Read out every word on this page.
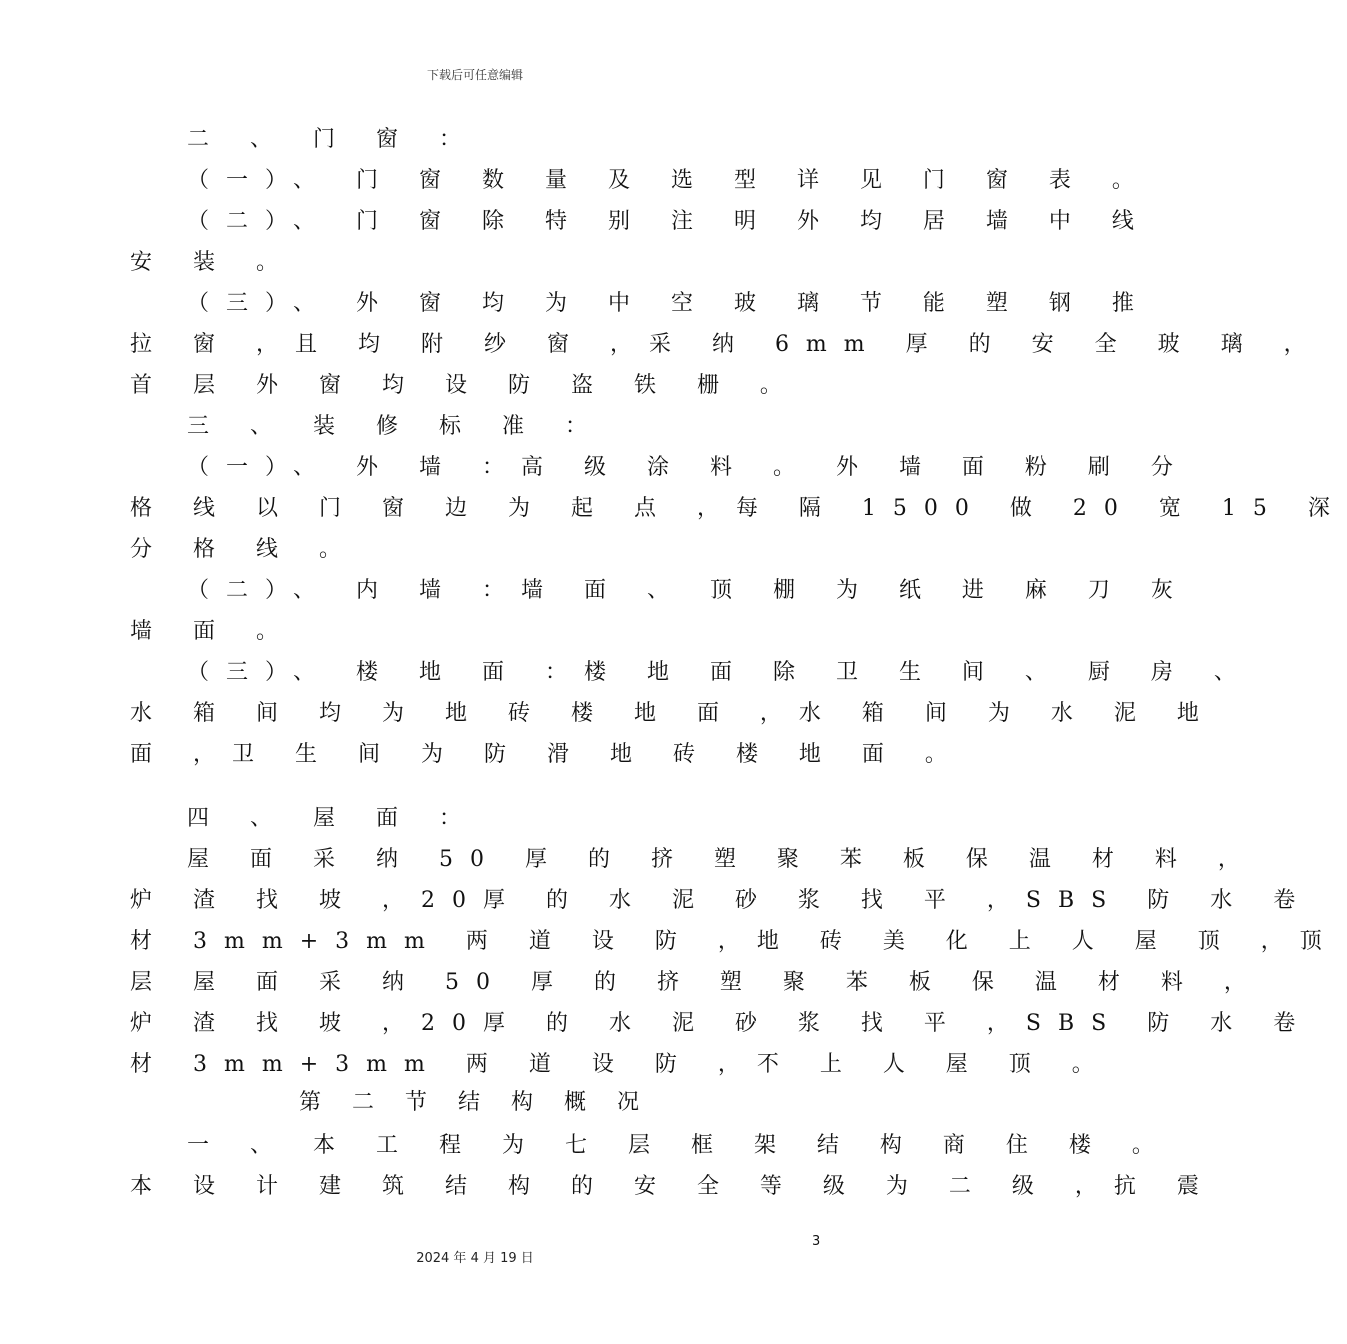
下载后可任意编辑
二 、 门 窗 ：
（一）、 门 窗 数 量 及 选 型 详 见 门 窗 表 。
（二）、 门 窗 除 特 别 注 明 外 均 居 墙 中 线
安 装 。
（三）、 外 窗 均 为 中 空 玻 璃 节 能 塑 钢 推
拉 窗 ，且 均 附 纱 窗 ，采 纳 6mm 厚 的 安 全 玻 璃 ，
首 层 外 窗 均 设 防 盗 铁 栅 。
三 、 装 修 标 准 ：
（一）、 外 墙 ：高 级 涂 料 。 外 墙 面 粉 刷 分
格 线 以 门 窗 边 为 起 点 ，每 隔 1500 做 20 宽 15 深
分 格 线 。
（二）、 内 墙 ：墙 面 、 顶 棚 为 纸 进 麻 刀 灰
墙 面 。
（三）、 楼 地 面 ：楼 地 面 除 卫 生 间 、 厨 房 、
水 箱 间 均 为 地 砖 楼 地 面 ，水 箱 间 为 水 泥 地
面 ，卫 生 间 为 防 滑 地 砖 楼 地 面 。
四 、 屋 面 ：
屋 面 采 纳 50 厚 的 挤 塑 聚 苯 板 保 温 材 料 ，
炉 渣 找 坡 ，20厚 的 水 泥 砂 浆 找 平 ，SBS 防 水 卷
材 3mm+3mm 两 道 设 防 ，地 砖 美 化 上 人 屋 顶 ，顶
层 屋 面 采 纳 50 厚 的 挤 塑 聚 苯 板 保 温 材 料 ，
炉 渣 找 坡 ，20厚 的 水 泥 砂 浆 找 平 ，SBS 防 水 卷
材 3mm+3mm 两 道 设 防 ，不 上 人 屋 顶 。
第 二 节 结 构 概 况
一 、 本 工 程 为 七 层 框 架 结 构 商 住 楼 。
本 设 计 建 筑 结 构 的 安 全 等 级 为 二 级 ，抗 震
3
2024 年 4 月 19 日
